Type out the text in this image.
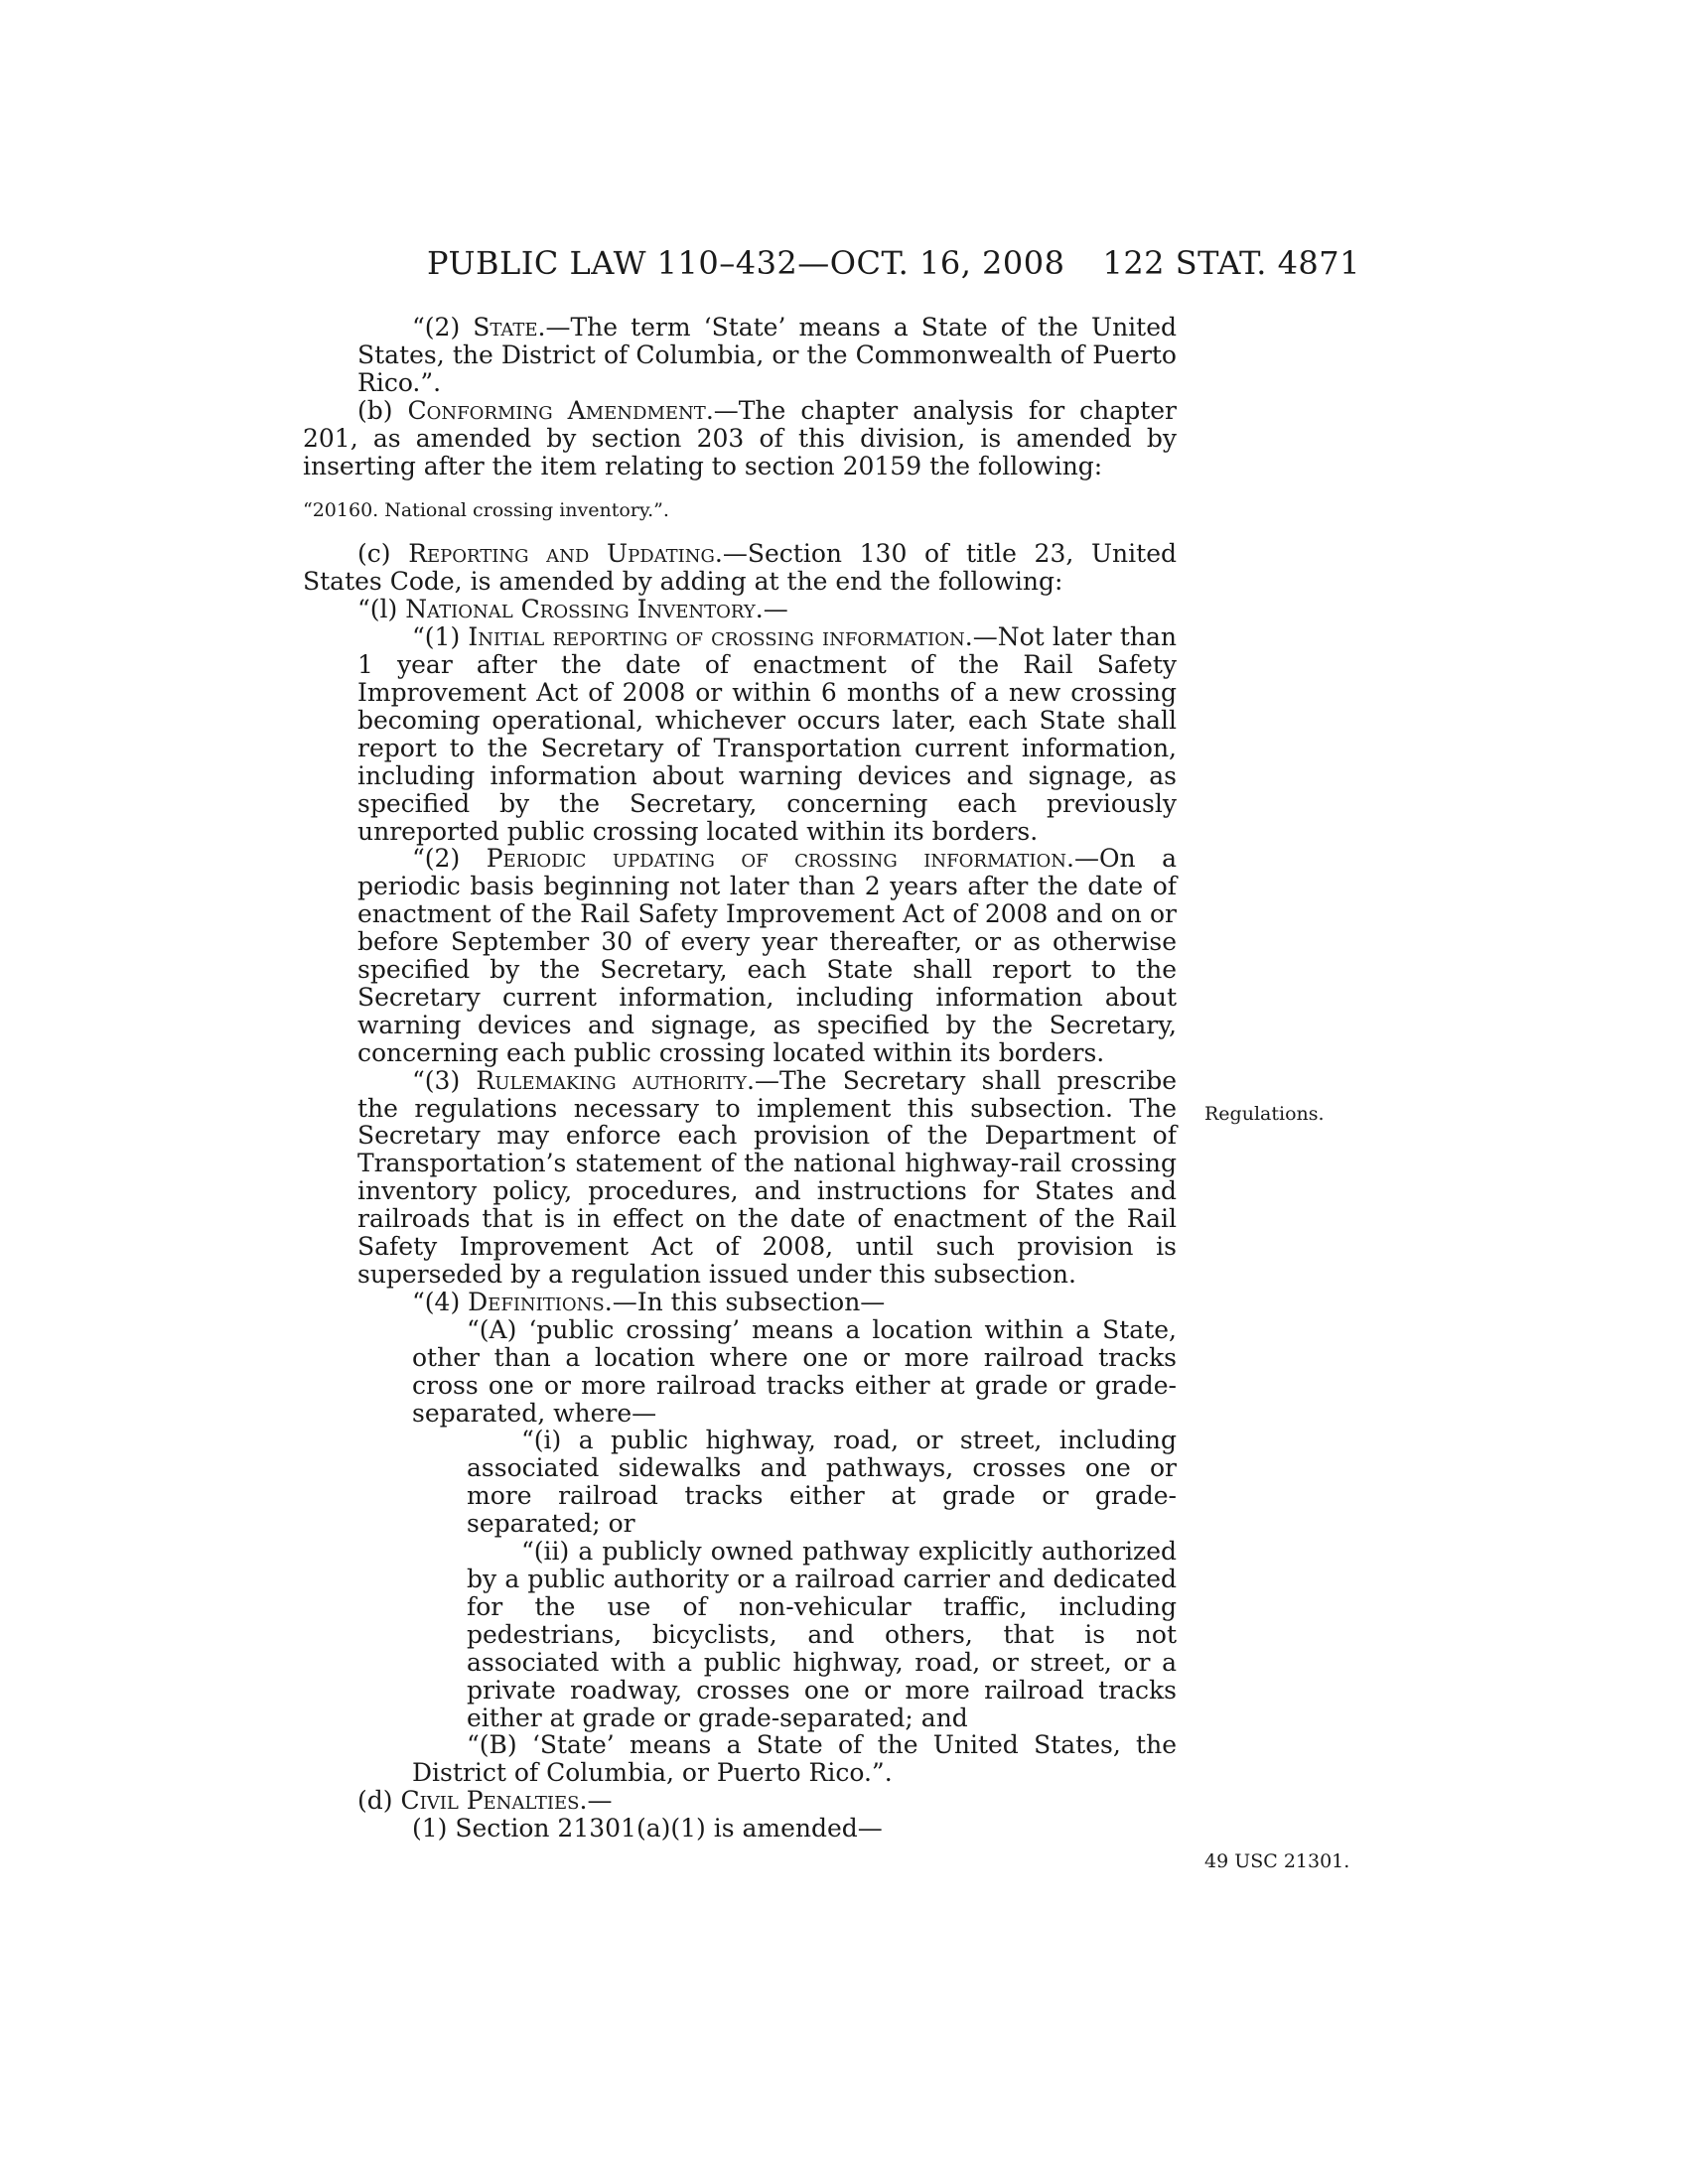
PUBLIC LAW 110–432—OCT. 16, 2008 122 STAT. 4871

“(2) State.—The term ‘State’ means a State of the United States, the District of Columbia, or the Commonwealth of Puerto Rico.”.

(b) Conforming Amendment.—The chapter analysis for chapter 201, as amended by section 203 of this division, is amended by inserting after the item relating to section 20159 the following:

“20160. National crossing inventory.”.

(c) Reporting and Updating.—Section 130 of title 23, United States Code, is amended by adding at the end the following:

“(l) National Crossing Inventory.—

“(1) Initial reporting of crossing information.—Not later than 1 year after the date of enactment of the Rail Safety Improvement Act of 2008 or within 6 months of a new crossing becoming operational, whichever occurs later, each State shall report to the Secretary of Transportation current information, including information about warning devices and signage, as specified by the Secretary, concerning each previously unreported public crossing located within its borders.

“(2) Periodic updating of crossing information.—On a periodic basis beginning not later than 2 years after the date of enactment of the Rail Safety Improvement Act of 2008 and on or before September 30 of every year thereafter, or as otherwise specified by the Secretary, each State shall report to the Secretary current information, including information about warning devices and signage, as specified by the Secretary, concerning each public crossing located within its borders.

“(3) Rulemaking authority.—The Secretary shall prescribe the regulations necessary to implement this subsection. The Secretary may enforce each provision of the Department of Transportation’s statement of the national highway-rail crossing inventory policy, procedures, and instructions for States and railroads that is in effect on the date of enactment of the Rail Safety Improvement Act of 2008, until such provision is superseded by a regulation issued under this subsection.

“(4) Definitions.—In this subsection—

“(A) ‘public crossing’ means a location within a State, other than a location where one or more railroad tracks cross one or more railroad tracks either at grade or grade-separated, where—

“(i) a public highway, road, or street, including associated sidewalks and pathways, crosses one or more railroad tracks either at grade or grade-separated; or

“(ii) a publicly owned pathway explicitly authorized by a public authority or a railroad carrier and dedicated for the use of non-vehicular traffic, including pedestrians, bicyclists, and others, that is not associated with a public highway, road, or street, or a private roadway, crosses one or more railroad tracks either at grade or grade-separated; and

“(B) ‘State’ means a State of the United States, the District of Columbia, or Puerto Rico.”.

(d) Civil Penalties.—

(1) Section 21301(a)(1) is amended—

Regulations.
49 USC 21301.
